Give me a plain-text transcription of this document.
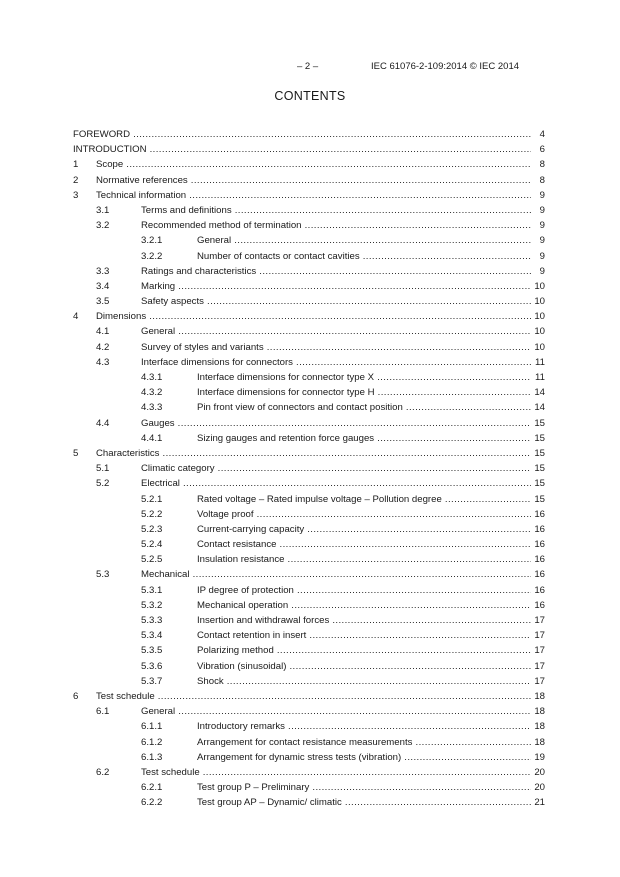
– 2 –	IEC 61076-2-109:2014 © IEC 2014
CONTENTS
FOREWORD .....	4
INTRODUCTION .....	6
1 Scope .....	8
2 Normative references .....	8
3 Technical information .....	9
3.1	Terms and definitions .....	9
3.2	Recommended method of termination .....	9
3.2.1	General .....	9
3.2.2	Number of contacts or contact cavities .....	9
3.3	Ratings and characteristics .....	9
3.4	Marking .....	10
3.5	Safety aspects .....	10
4 Dimensions .....	10
4.1	General .....	10
4.2	Survey of styles and variants .....	10
4.3	Interface dimensions for connectors .....	11
4.3.1	Interface dimensions for connector type X .....	11
4.3.2	Interface dimensions for connector type H .....	14
4.3.3	Pin front view of connectors and contact position .....	14
4.4	Gauges .....	15
4.4.1	Sizing gauges and retention force gauges .....	15
5 Characteristics .....	15
5.1	Climatic category .....	15
5.2	Electrical .....	15
5.2.1	Rated voltage – Rated impulse voltage – Pollution degree .....	15
5.2.2	Voltage proof .....	16
5.2.3	Current-carrying capacity .....	16
5.2.4	Contact resistance .....	16
5.2.5	Insulation resistance .....	16
5.3	Mechanical .....	16
5.3.1	IP degree of protection .....	16
5.3.2	Mechanical operation .....	16
5.3.3	Insertion and withdrawal forces .....	17
5.3.4	Contact retention in insert .....	17
5.3.5	Polarizing method .....	17
5.3.6	Vibration (sinusoidal) .....	17
5.3.7	Shock .....	17
6 Test schedule .....	18
6.1	General .....	18
6.1.1	Introductory remarks .....	18
6.1.2	Arrangement for contact resistance measurements .....	18
6.1.3	Arrangement for dynamic stress tests (vibration) .....	19
6.2	Test schedule .....	20
6.2.1	Test group P – Preliminary .....	20
6.2.2	Test group AP – Dynamic/ climatic .....	21
